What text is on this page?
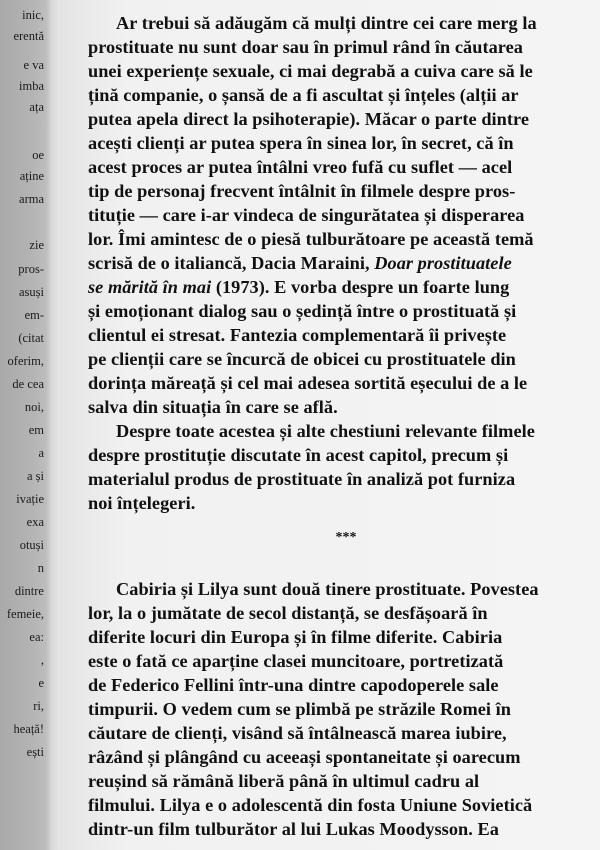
inic,
erentă
e va
imba
ața
oe
aține
arma
zie
pros-
asuși
em-
(citat
oferim,
de cea
noi,
em
a
a și
ivație
exa
otuși
n
dintre
femeie,
ea:
,
e
ri,
heață!
ești
Ar trebui să adăugăm că mulți dintre cei care merg la
prostituate nu sunt doar sau în primul rând în căutarea
unei experiențe sexuale, ci mai degrabă a cuiva care să le
țină companie, o șansă de a fi ascultat și înțeles (alții ar
putea apela direct la psihoterapie). Măcar o parte dintre
acești clienți ar putea spera în sinea lor, în secret, că în
acest proces ar putea întâlni vreo fufă cu suflet — acel
tip de personaj frecvent întâlnit în filmele despre pros-
tituție — care i-ar vindeca de singurătatea și disperarea
lor. Îmi amintesc de o piesă tulburătoare pe această temă
scrisă de o italiancă, Dacia Maraini, Doar prostituatele
se mărită în mai (1973). E vorba despre un foarte lung
și emoționant dialog sau o ședință între o prostituată și
clientul ei stresat. Fantezia complementară îi privește
pe clienții care se încurcă de obicei cu prostituatele din
dorința măreață și cel mai adesea sortită eșecului de a le
salva din situația în care se află.
Despre toate acestea și alte chestiuni relevante filmele
despre prostituție discutate în acest capitol, precum și
materialul produs de prostituate în analiză pot furniza
noi înțelegeri.
***
Cabiria și Lilya sunt două tinere prostituate. Povestea
lor, la o jumătate de secol distanță, se desfășoară în
diferite locuri din Europa și în filme diferite. Cabiria
este o fată ce aparține clasei muncitoare, portretizată
de Federico Fellini într-una dintre capodoperele sale
timpurii. O vedem cum se plimbă pe străzile Romei în
căutare de clienți, visând să întâlnească marea iubire,
râzând și plângând cu aceeași spontaneitate și oarecum
reușind să rămână liberă până în ultimul cadru al
filmului. Lilya e o adolescentă din fosta Uniune Sovietică
dintr-un film tulburător al lui Lukas Moodysson. Ea
